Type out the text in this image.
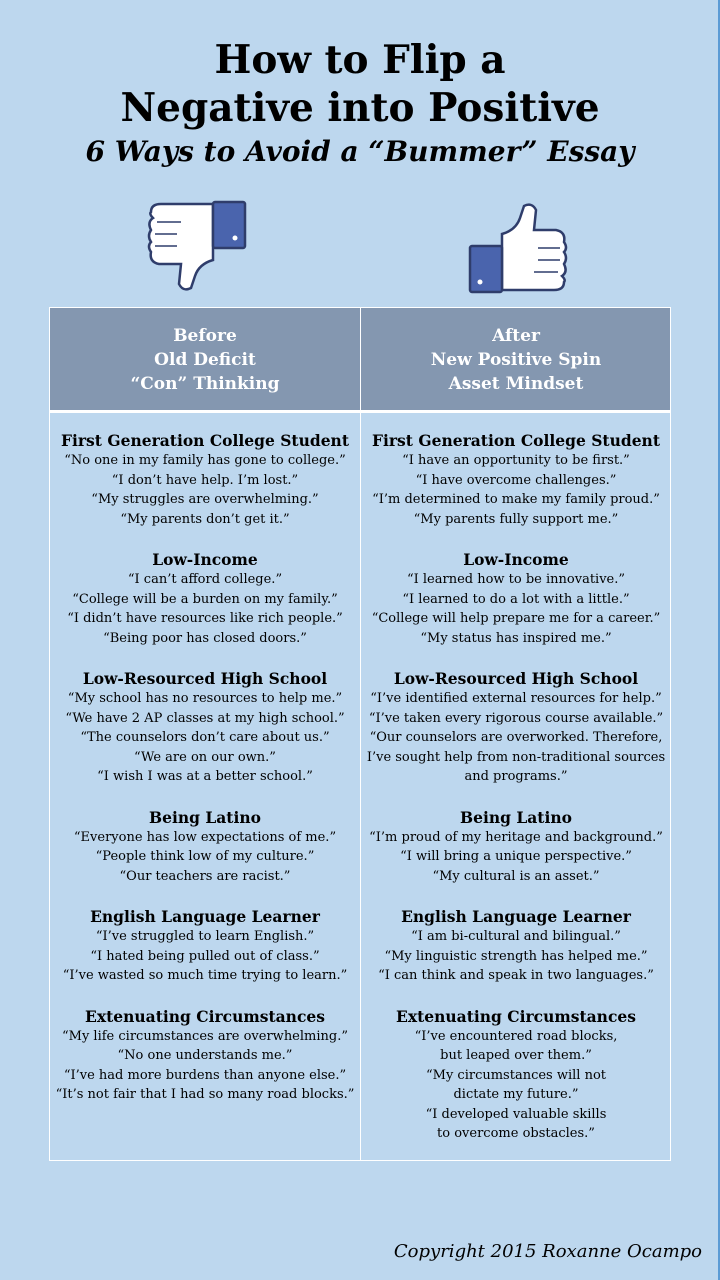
How to Flip a
Negative into Positive
6 Ways to Avoid a “Bummer” Essay
Before
Old Deficit
“Con” Thinking
After
New Positive Spin
Asset Mindset
First Generation College Student
“No one in my family has gone to college.”
“I don’t have help. I’m lost.”
“My struggles are overwhelming.”
“My parents don’t get it.”
Low-Income
“I can’t afford college.”
“College will be a burden on my family.”
“I didn’t have resources like rich people.”
“Being poor has closed doors.”
Low-Resourced High School
“My school has no resources to help me.”
“We have 2 AP classes at my high school.”
“The counselors don’t care about us.”
“We are on our own.”
“I wish I was at a better school.”
Being Latino
“Everyone has low expectations of me.”
“People think low of my culture.”
“Our teachers are racist.”
English Language Learner
“I’ve struggled to learn English.”
“I hated being pulled out of class.”
“I’ve wasted so much time trying to learn.”
Extenuating Circumstances
“My life circumstances are overwhelming.”
“No one understands me.”
“I’ve had more burdens than anyone else.”
“It’s not fair that I had so many road blocks.”
First Generation College Student
“I have an opportunity to be first.”
“I have overcome challenges.”
“I’m determined to make my family proud.”
“My parents fully support me.”
Low-Income
“I learned how to be innovative.”
“I learned to do a lot with a little.”
“College will help prepare me for a career.”
“My status has inspired me.”
Low-Resourced High School
“I’ve identified external resources for help.”
“I’ve taken every rigorous course available.”
“Our counselors are overworked. Therefore,
I’ve sought help from non-traditional sources
and programs.”
Being Latino
“I’m proud of my heritage and background.”
“I will bring a unique perspective.”
“My cultural is an asset.”
English Language Learner
“I am bi-cultural and bilingual.”
“My linguistic strength has helped me.”
“I can think and speak in two languages.”
Extenuating Circumstances
“I’ve encountered road blocks,
but leaped over them.”
“My circumstances will not
dictate my future.”
“I developed valuable skills
to overcome obstacles.”
Copyright 2015 Roxanne Ocampo
